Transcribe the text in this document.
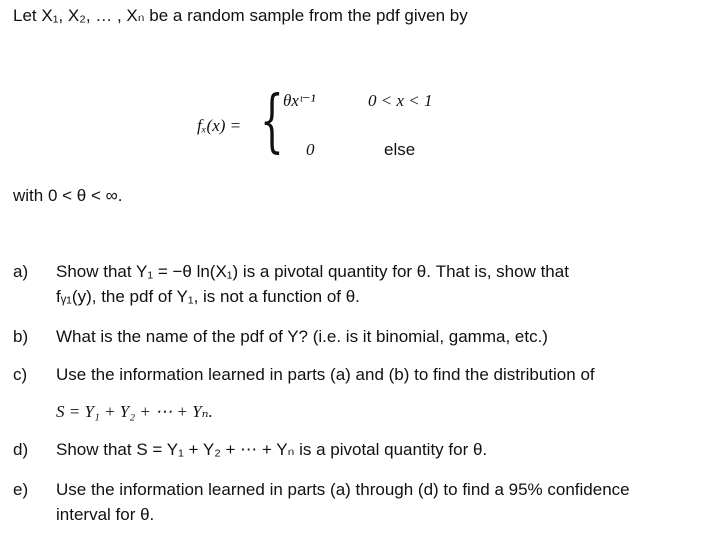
Let X₁, X₂, … , Xₙ be a random sample from the pdf given by
fₓ(x) = { θxᶥ⁻¹	0 < x < 1
0	else
with 0 < θ < ∞.
a) Show that Y₁ = −θ ln(X₁) is a pivotal quantity for θ. That is, show that
fᵧ₁(y), the pdf of Y₁, is not a function of θ.
b) What is the name of the pdf of Y? (i.e. is it binomial, gamma, etc.)
c) Use the information learned in parts (a) and (b) to find the distribution of
S = Y₁ + Y₂ + ⋯ + Yₙ.
d) Show that S = Y₁ + Y₂ + ⋯ + Yₙ is a pivotal quantity for θ.
e) Use the information learned in parts (a) through (d) to find a 95% confidence
interval for θ.
